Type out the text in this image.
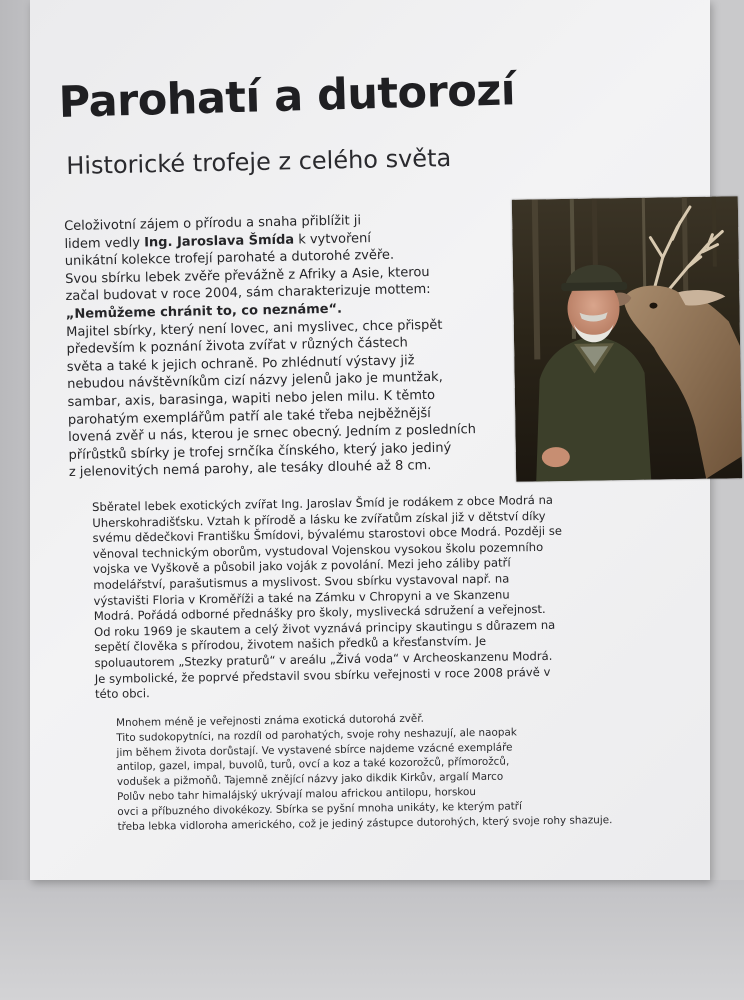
Parohatí a dutorozí
Historické trofeje z celého světa
Celoživotní zájem o přírodu a snaha přiblížit ji
lidem vedly Ing. Jaroslava Šmída k vytvoření
unikátní kolekce trofejí parohaté a dutorohé zvěře.
Svou sbírku lebek zvěře převážně z Afriky a Asie, kterou
začal budovat v roce 2004, sám charakterizuje mottem:
„Nemůžeme chránit to, co neznáme“.
Majitel sbírky, který není lovec, ani myslivec, chce přispět
především k poznání života zvířat v různých částech
světa a také k jejich ochraně. Po zhlédnutí výstavy již
nebudou návštěvníkům cizí názvy jelenů jako je muntžak,
sambar, axis, barasinga, wapiti nebo jelen milu. K těmto
parohatým exemplářům patří ale také třeba nejběžnější
lovená zvěř u nás, kterou je srnec obecný. Jedním z posledních
přírůstků sbírky je trofej srnčíka čínského, který jako jediný
z jelenovitých nemá parohy, ale tesáky dlouhé až 8 cm.
Sběratel lebek exotických zvířat Ing. Jaroslav Šmíd je rodákem z obce Modrá na
Uherskohradišťsku. Vztah k přírodě a lásku ke zvířatům získal již v dětství díky
svému dědečkovi Františku Šmídovi, bývalému starostovi obce Modrá. Později se
věnoval technickým oborům, vystudoval Vojenskou vysokou školu pozemního
vojska ve Vyškově a působil jako voják z povolání. Mezi jeho záliby patří
modelářství, parašutismus a myslivost. Svou sbírku vystavoval např. na
výstavišti Floria v Kroměříži a také na Zámku v Chropyni a ve Skanzenu
Modrá. Pořádá odborné přednášky pro školy, myslivecká sdružení a veřejnost.
Od roku 1969 je skautem a celý život vyznává principy skautingu s důrazem na
sepětí člověka s přírodou, životem našich předků a křesťanstvím. Je
spoluautorem „Stezky praturů“ v areálu „Živá voda“ v Archeoskanzenu Modrá.
Je symbolické, že poprvé představil svou sbírku veřejnosti v roce 2008 právě v
této obci.
Mnohem méně je veřejnosti známa exotická dutorohá zvěř.
Tito sudokopytníci, na rozdíl od parohatých, svoje rohy neshazují, ale naopak
jim během života dorůstají. Ve vystavené sbírce najdeme vzácné exempláře
antilop, gazel, impal, buvolů, turů, ovcí a koz a také kozorožců, přímorožců,
vodušek a pižmoňů. Tajemně znějící názvy jako dikdik Kirkův, argalí Marco
Polův nebo tahr himalájský ukrývají malou africkou antilopu, horskou
ovci a příbuzného divokékozy. Sbírka se pyšní mnoha unikáty, ke kterým patří
třeba lebka vidloroha amerického, což je jediný zástupce dutorohých, který svoje rohy shazuje.
